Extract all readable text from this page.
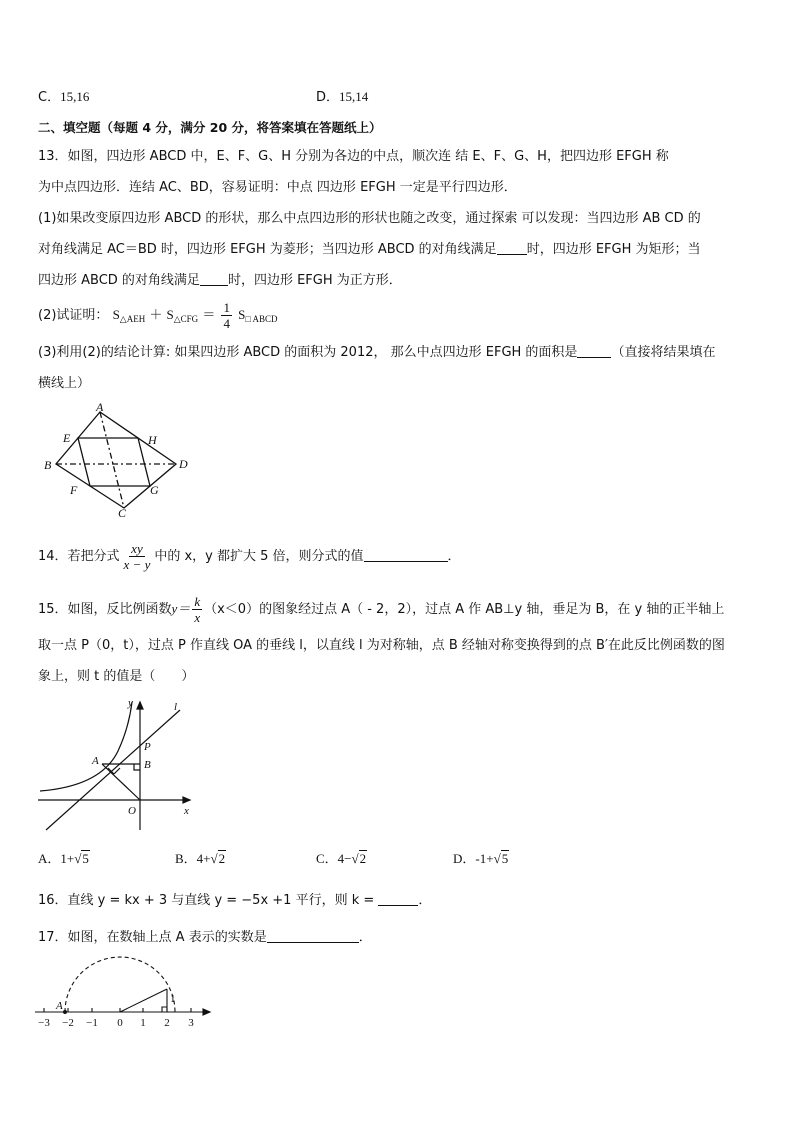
C．15,16	D．15,14
二、填空题（每题 4 分，满分 20 分，将答案填在答题纸上）
13．如图，四边形 ABCD 中，E、F、G、H 分别为各边的中点，顺次连 结 E、F、G、H，把四边形 EFGH 称
为中点四边形．连结 AC、BD，容易证明：中点 四边形 EFGH 一定是平行四边形．
(1)如果改变原四边形 ABCD 的形状，那么中点四边形的形状也随之改变，通过探索 可以发现：当四边形 AB CD 的
对角线满足 AC＝BD 时，四边形 EFGH 为菱形；当四边形 ABCD 的对角线满足 时，四边形 EFGH 为矩形；当
四边形 ABCD 的对角线满足 时，四边形 EFGH 为正方形．
(2)试证明： $S_{\triangle AEH} + S_{\triangle CFG} = \frac{1}{4} S_{□ ABCD}$
(3)利用(2)的结论计算: 如果四边形 ABCD 的面积为 2012， 那么中点四边形 EFGH 的面积是	（直接将结果填在
横线上）
A
B
C
D
E
F	G
H
14．若把分式 $\frac{xy}{x - y}$ 中的 x，y 都扩大 5 倍，则分式的值	．
15．如图，反比例函数$y= \frac{k}{x} (x<0)$的图象经过点 A（ - 2，2），过点 A 作 AB⊥y 轴，垂足为 B，在 y 轴的正半轴上
取一点 P（0，t），过点 P 作直线 OA 的垂线 l，以直线 l 为对称轴，点 B 经轴对称变换得到的点 B′在此反比例函数的图
象上，则 t 的值是（　　）
y	l
P
A	B
O	x
A．1+√5	B．4+√2	C．4−√2	D．-1+√5
16．直线 y = kx + 3 与直线 y = −5x +1 平行，则 k =	．
17．如图，在数轴上点 A 表示的实数是	．
A
1
−3 −2 −1 0 1 2 3
